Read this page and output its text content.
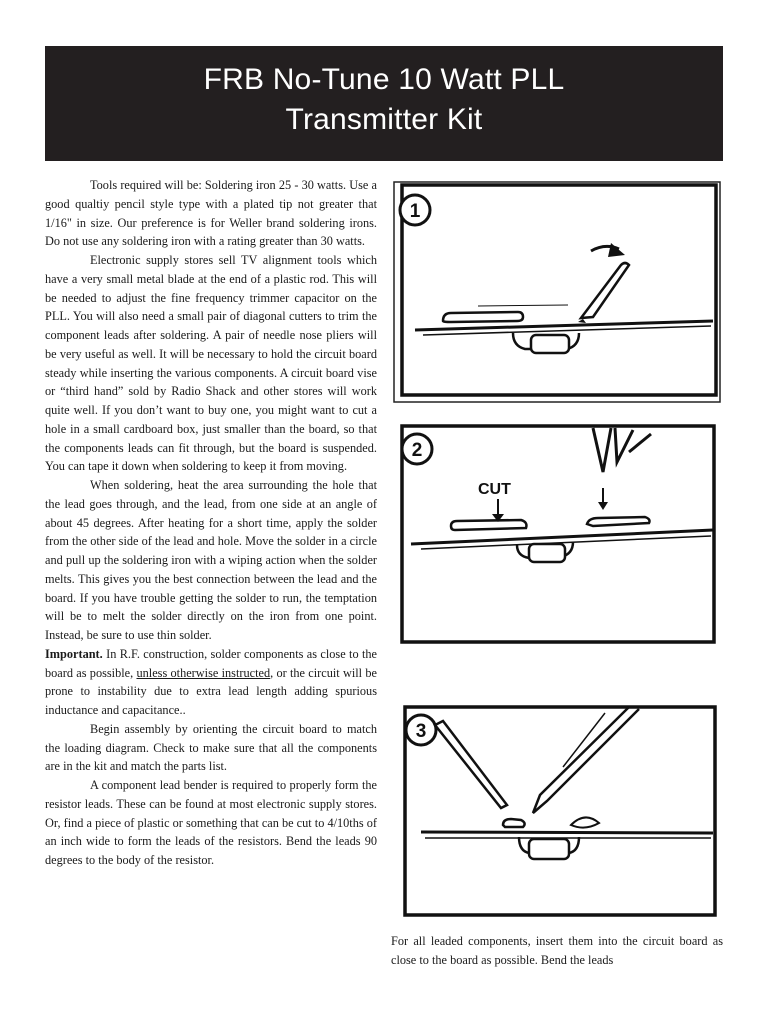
FRB No-Tune 10 Watt PLL
Transmitter Kit

Tools required will be: Soldering iron 25 - 30 watts. Use a good qualtiy pencil style type with a plated tip not greater that 1/16" in size. Our preference is for Weller brand soldering irons. Do not use any soldering iron with a rating greater than 30 watts.

Electronic supply stores sell TV alignment tools which have a very small metal blade at the end of a plastic rod. This will be needed to adjust the fine frequency trimmer capacitor on the PLL. You will also need a small pair of diagonal cutters to trim the component leads after soldering. A pair of needle nose pliers will be very useful as well. It will be necessary to hold the circuit board steady while inserting the various components. A circuit board vise or “third hand” sold by Radio Shack and other stores will work quite well. If you don’t want to buy one, you might want to cut a hole in a small cardboard box, just smaller than the board, so that the components leads can fit through, but the board is suspended. You can tape it down when soldering to keep it from moving.

When soldering, heat the area surrounding the hole that the lead goes through, and the lead, from one side at an angle of about 45 degrees. After heating for a short time, apply the solder from the other side of the lead and hole. Move the solder in a circle and pull up the soldering iron with a wiping action when the solder melts. This gives you the best connection between the lead and the board. If you have trouble getting the solder to run, the temptation will be to melt the solder directly on the iron from one point. Instead, be sure to use thin solder.

Important. In R.F. construction, solder components as close to the board as possible, unless otherwise instructed, or the circuit will be prone to instability due to extra lead length adding spurious inductance and capacitance..

Begin assembly by orienting the circuit board to match the loading diagram. Check to make sure that all the components are in the kit and match the parts list.

A component lead bender is required to properly form the resistor leads. These can be found at most electronic supply stores. Or, find a piece of plastic or something that can be cut to 4/10ths of an inch wide to form the leads of the resistors. Bend the leads 90 degrees to the body of the resistor.

1
2
CUT
3
For all leaded components, insert them into the circuit board as close to the board as possible. Bend the leads
